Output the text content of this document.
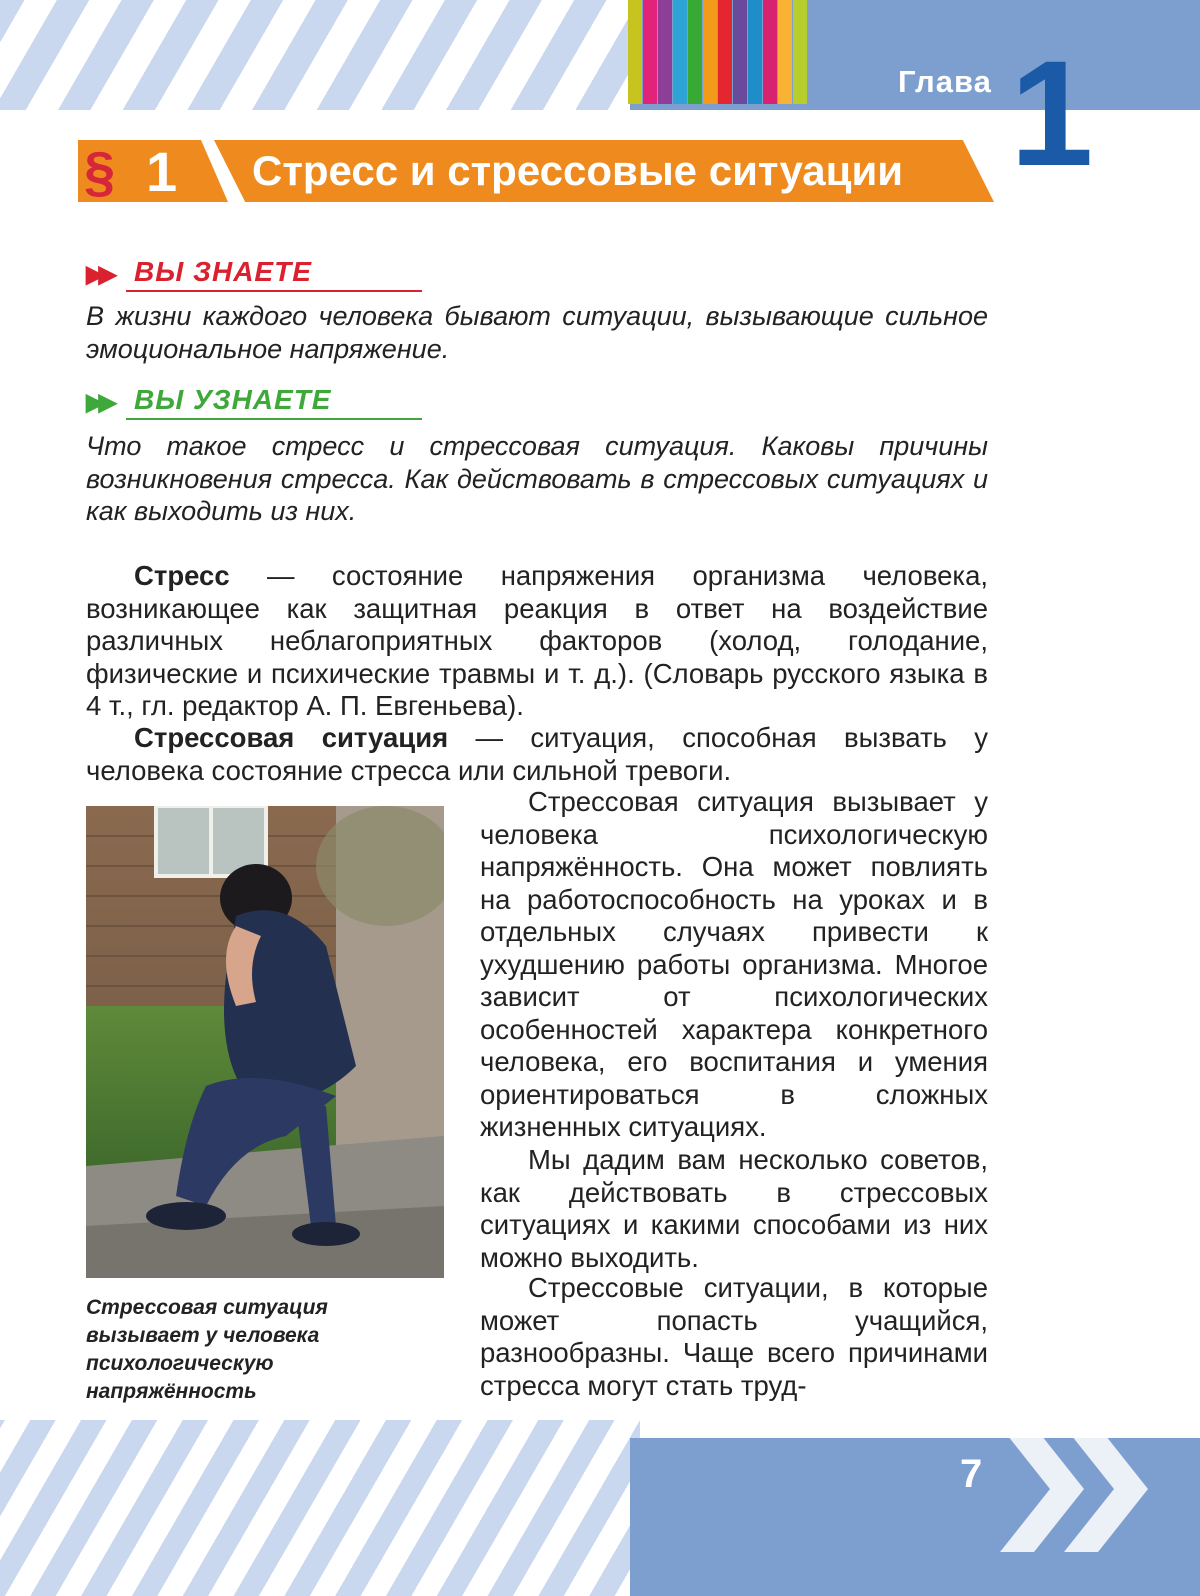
Глава 1
§ 1 Стресс и стрессовые ситуации
▶▶ ВЫ ЗНАЕТЕ
В жизни каждого человека бывают ситуации, вызывающие сильное эмоциональное напряжение.
▶▶ ВЫ УЗНАЕТЕ
Что такое стресс и стрессовая ситуация. Каковы причины возникновения стресса. Как действовать в стрессовых ситуациях и как выходить из них.

Стресс — состояние напряжения организма человека, возникающее как защитная реакция в ответ на воздействие различных неблагоприятных факторов (холод, голодание, физические и психические травмы и т. д.). (Словарь русского языка в 4 т., гл. редактор А. П. Евгеньева).

Стрессовая ситуация — ситуация, способная вызвать у человека состояние стресса или сильной тревоги.

Стрессовая ситуация вызывает у человека психологическую напряжённость. Она может повлиять на работоспособность на уроках и в отдельных случаях привести к ухудшению работы организма. Многое зависит от психологических особенностей характера конкретного человека, его воспитания и умения ориентироваться в сложных жизненных ситуациях.

Мы дадим вам несколько советов, как действовать в стрессовых ситуациях и какими способами из них можно выходить.

Стрессовые ситуации, в которые может попасть учащийся, разнообразны. Чаще всего причинами стресса могут стать труд-

Стрессовая ситуация вызывает у человека психологическую напряжённость
7
